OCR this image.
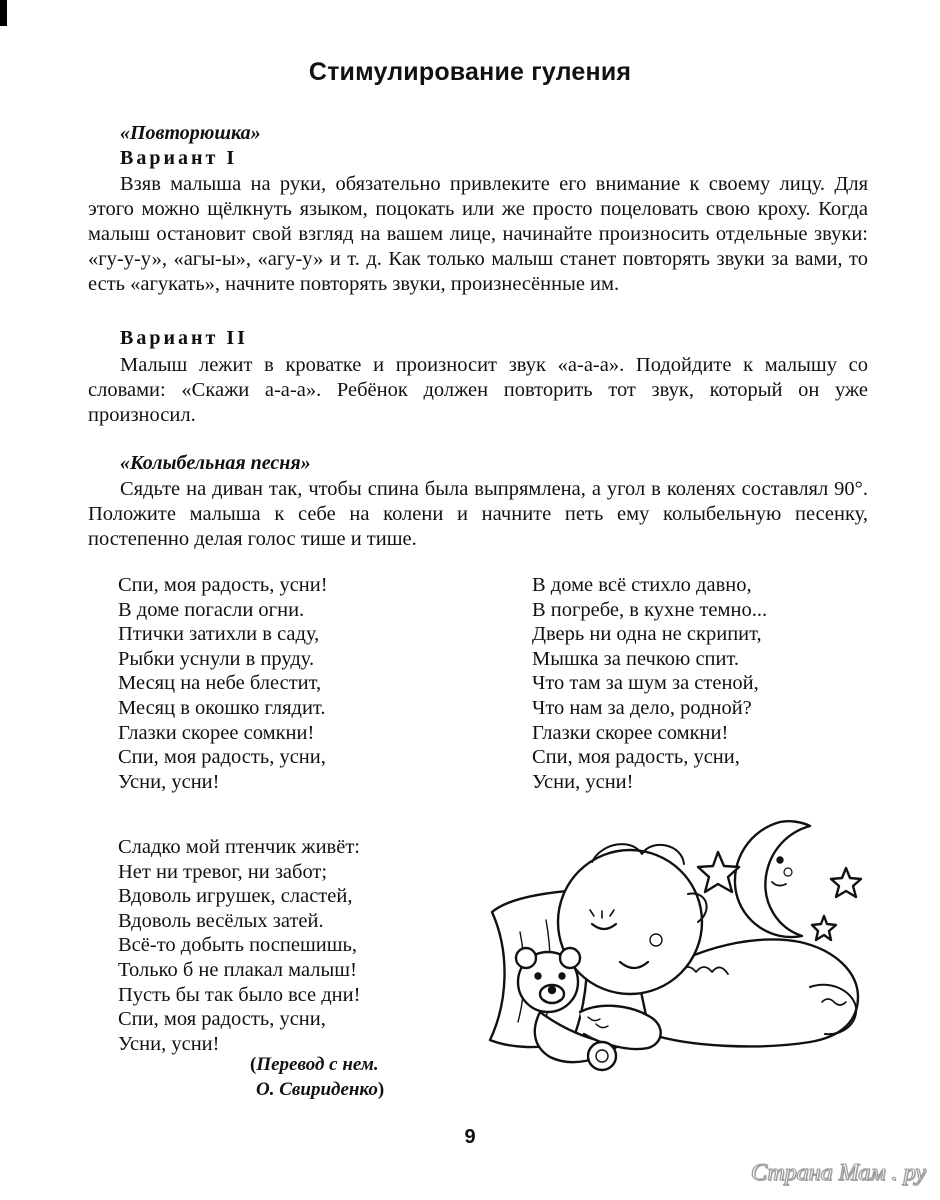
Стимулирование гуления
«Повторюшка»
Вариант I

Взяв малыша на руки, обязательно привлеките его внимание к своему лицу. Для этого можно щёлкнуть языком, поцокать или же просто поцеловать свою кроху. Когда малыш остановит свой взгляд на вашем лице, начинайте произносить отдельные звуки: «гу-у-у», «агы-ы», «агу-у» и т. д. Как только малыш станет повторять звуки за вами, то есть «агукать», начните повторять звуки, произнесённые им.

Вариант II

Малыш лежит в кроватке и произносит звук «а-а-а». Подойдите к малышу со словами: «Скажи а-а-а». Ребёнок должен повторить тот звук, который он уже произносил.

«Колыбельная песня»

Сядьте на диван так, чтобы спина была выпрямлена, а угол в коленях составлял 90°. Положите малыша к себе на колени и начните петь ему колыбельную песенку, постепенно делая голос тише и тише.

Спи, моя радость, усни!
В доме погасли огни.
Птички затихли в саду,
Рыбки уснули в пруду.
Месяц на небе блестит,
Месяц в окошко глядит.
Глазки скорее сомкни!
Спи, моя радость, усни,
Усни, усни!
В доме всё стихло давно,
В погребе, в кухне темно...
Дверь ни одна не скрипит,
Мышка за печкою спит.
Что там за шум за стеной,
Что нам за дело, родной?
Глазки скорее сомкни!
Спи, моя радость, усни,
Усни, усни!
Сладко мой птенчик живёт:
Нет ни тревог, ни забот;
Вдоволь игрушек, сластей,
Вдоволь весёлых затей.
Всё-то добыть поспешишь,
Только б не плакал малыш!
Пусть бы так было все дни!
Спи, моя радость, усни,
Усни, усни!
(Перевод с нем.
О. Свириденко)
9
Страна Мам . ру
